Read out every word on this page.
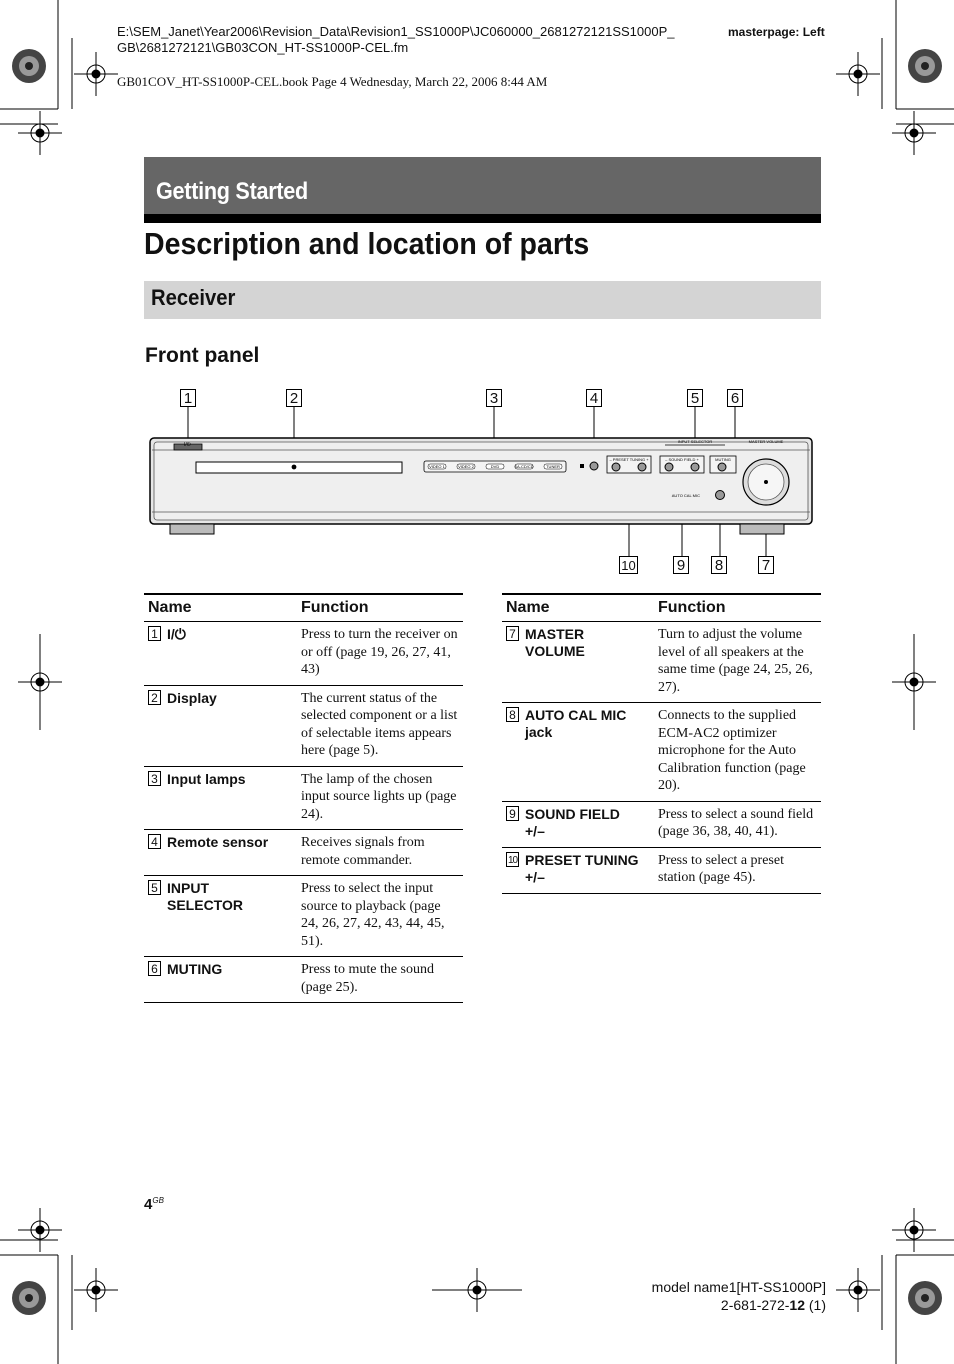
E:\SEM_Janet\Year2006\Revision_Data\Revision1_SS1000P\JC060000_2681272121SS1000P_
GB\2681272121\GB03CON_HT-SS1000P-CEL.fm
masterpage: Left
GB01COV_HT-SS1000P-CEL.book Page 4 Wednesday, March 22, 2006 8:44 AM
Getting Started
Description and location of parts
Receiver
Front panel
1	2	3	4	5 6
10	9 8	7
I/⏻
VIDEO 1	VIDEO 2	DVD	SA-CD/CD	TUNER
– PRESET TUNING +	– SOUND FIELD +
INPUT SELECTOR
MUTING
MASTER VOLUME
AUTO CAL MIC
Name	Function
1 I/⏻	Press to turn the receiver on or off (page 19, 26, 27, 41, 43)
2 Display	The current status of the selected component or a list of selectable items appears here (page 5).
3 Input lamps	The lamp of the chosen input source lights up (page 24).
4 Remote sensor	Receives signals from remote commander.
5 INPUT SELECTOR	Press to select the input source to playback (page 24, 26, 27, 42, 43, 44, 45, 51).
6 MUTING	Press to mute the sound (page 25).
Name	Function
7 MASTER VOLUME	Turn to adjust the volume level of all speakers at the same time (page 24, 25, 26, 27).
8 AUTO CAL MIC jack	Connects to the supplied ECM-AC2 optimizer microphone for the Auto Calibration function (page 20).
9 SOUND FIELD +/–	Press to select a sound field (page 36, 38, 40, 41).
10 PRESET TUNING +/–	Press to select a preset station (page 45).
$4^{GB}$
model name1[HT-SS1000P]
2-681-272-12 (1)
